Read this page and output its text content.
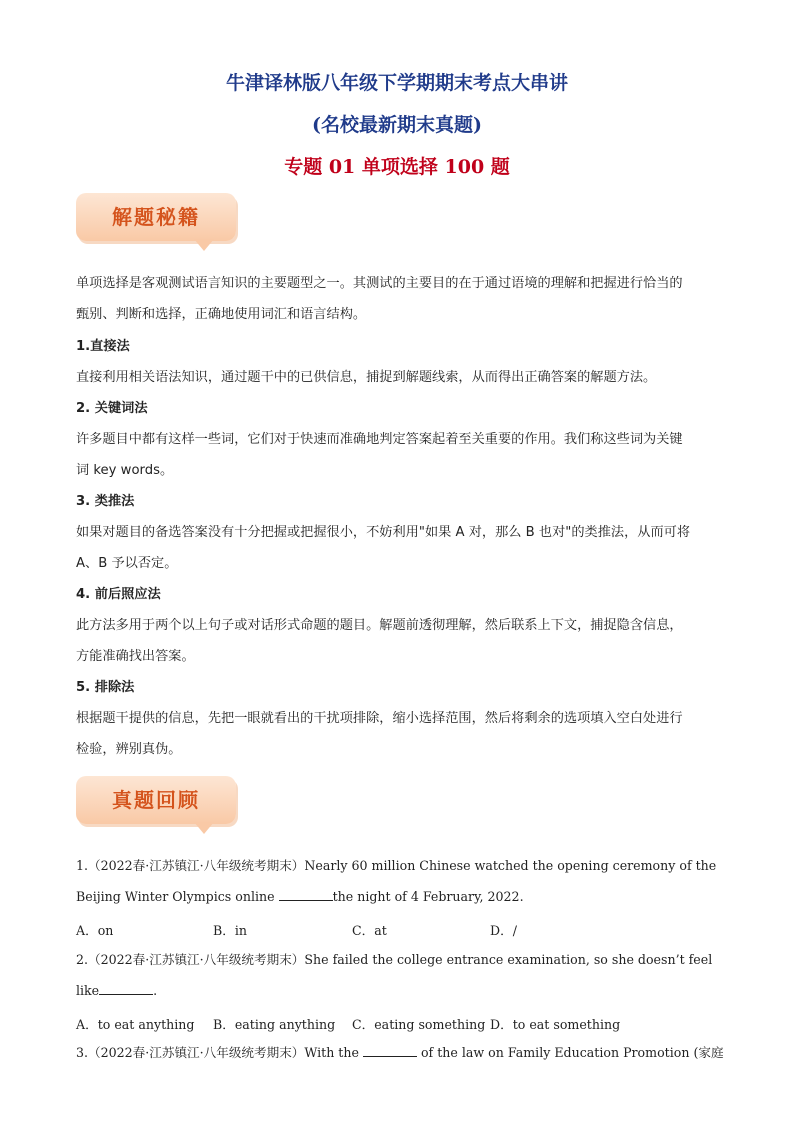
牛津译林版八年级下学期期末考点大串讲
(名校最新期末真题)
专题 01 单项选择 100 题
解题秘籍
单项选择是客观测试语言知识的主要题型之一。其测试的主要目的在于通过语境的理解和把握进行恰当的
甄别、判断和选择，正确地使用词汇和语言结构。
1.直接法
直接利用相关语法知识，通过题干中的已供信息，捕捉到解题线索，从而得出正确答案的解题方法。
2. 关键词法
许多题目中都有这样一些词，它们对于快速而准确地判定答案起着至关重要的作用。我们称这些词为关键
词 key words。
3. 类推法
如果对题目的备选答案没有十分把握或把握很小，不妨利用"如果 A 对，那么 B 也对"的类推法，从而可将
A、B 予以否定。
4. 前后照应法
此方法多用于两个以上句子或对话形式命题的题目。解题前透彻理解，然后联系上下文，捕捉隐含信息，
方能准确找出答案。
5. 排除法
根据题干提供的信息，先把一眼就看出的干扰项排除，缩小选择范围，然后将剩余的选项填入空白处进行
检验，辨别真伪。
真题回顾
1.（2022春·江苏镇江·八年级统考期末）Nearly 60 million Chinese watched the opening ceremony of the
Beijing Winter Olympics online	the night of 4 February, 2022.
A．on	B．in	C．at	D．/
2.（2022春·江苏镇江·八年级统考期末）She failed the college entrance examination, so she doesn’t feel
like	.
A．to eat anything B．eating anything C．eating something D．to eat something
3.（2022春·江苏镇江·八年级统考期末）With the	of the law on Family Education Promotion (家庭
